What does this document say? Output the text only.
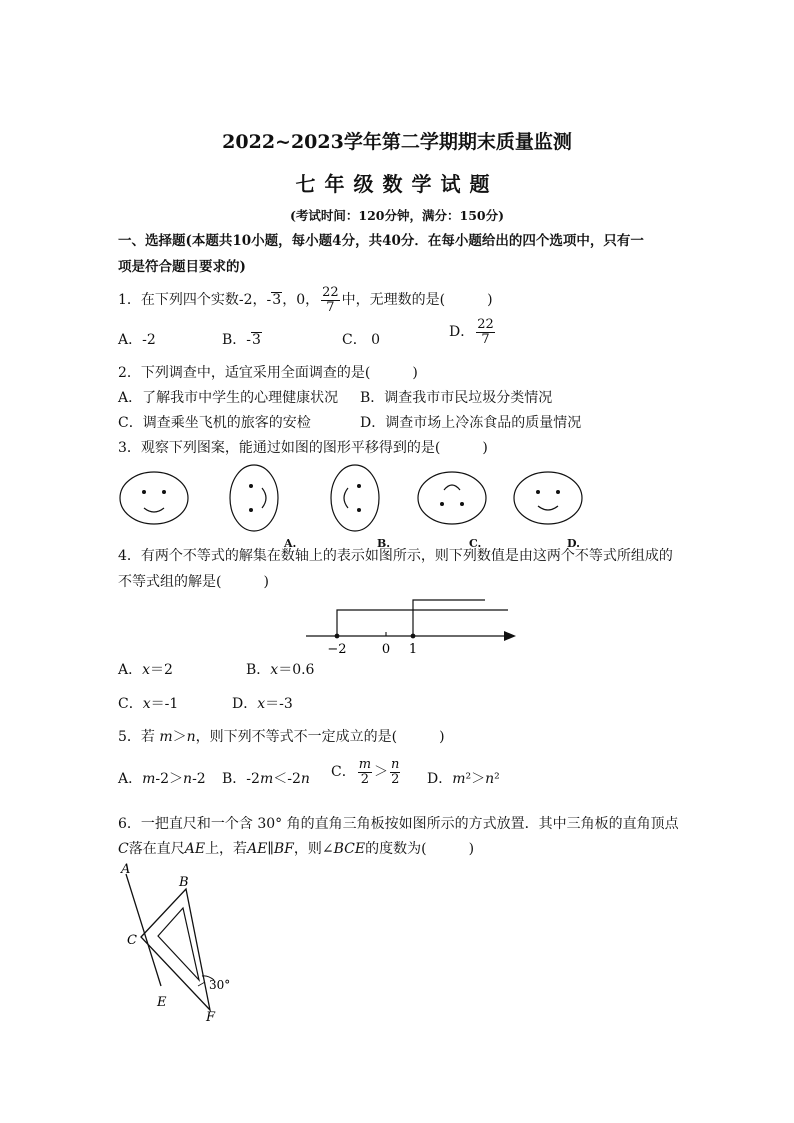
2022~2023学年第二学期期末质量监测
七年级数学试题
(考试时间：120分钟，满分：150分)
一、选择题(本题共10小题，每小题4分，共40分．在每小题给出的四个选项中，只有一
项是符合题目要求的)
1．在下列四个实数-2，-3，0， $\frac{22}{7}$ 中，无理数的是(　　　)
A．-2	B．-3	C． 0	D． $\frac{22}{7}$
2．下列调查中，适宜采用全面调查的是(　　　)
A．了解我市中学生的心理健康状况 B．调查我市市民垃圾分类情况
C．调查乘坐飞机的旅客的安检	D．调查市场上冷冻食品的质量情况
3．观察下列图案，能通过如图的图形平移得到的是(　　　)
A.	B.	C.	D.
4．有两个不等式的解集在数轴上的表示如图所示，则下列数值是由这两个不等式所组成的
不等式组的解是(　　　)
−2	0 1
A．x＝2	B．x＝0.6
C．x＝-1	D．x＝-3
5．若 m＞n，则下列不等式不一定成立的是(　　　)
A．m-2＞n-2 B．-2m＜-2n C． $\frac{m}{2} > \frac{n}{2}$ D．m²＞n²
6．一把直尺和一个含 30° 角的直角三角板按如图所示的方式放置．其中三角板的直角顶点
C落在直尺AE上，若AE∥BF，则∠BCE的度数为(　　　)
A
B
C
E
F
30°
